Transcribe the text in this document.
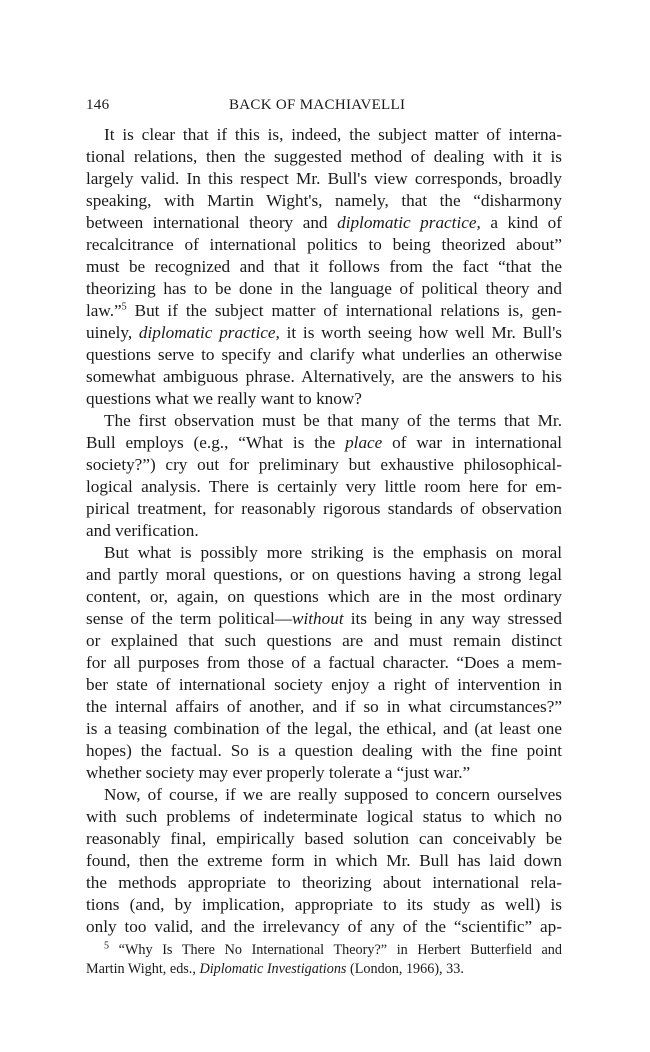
146	BACK OF MACHIAVELLI
It is clear that if this is, indeed, the subject matter of interna-
tional relations, then the suggested method of dealing with it is
largely valid. In this respect Mr. Bull's view corresponds, broadly
speaking, with Martin Wight's, namely, that the “disharmony
between international theory and diplomatic practice, a kind of
recalcitrance of international politics to being theorized about”
must be recognized and that it follows from the fact “that the
theorizing has to be done in the language of political theory and
law.”$^5$ But if the subject matter of international relations is, gen-
uinely, diplomatic practice, it is worth seeing how well Mr. Bull's
questions serve to specify and clarify what underlies an otherwise
somewhat ambiguous phrase. Alternatively, are the answers to his
questions what we really want to know?
The first observation must be that many of the terms that Mr.
Bull employs (e.g., “What is the place of war in international
society?”) cry out for preliminary but exhaustive philosophical-
logical analysis. There is certainly very little room here for em-
pirical treatment, for reasonably rigorous standards of observation
and verification.
But what is possibly more striking is the emphasis on moral
and partly moral questions, or on questions having a strong legal
content, or, again, on questions which are in the most ordinary
sense of the term political—without its being in any way stressed
or explained that such questions are and must remain distinct
for all purposes from those of a factual character. “Does a mem-
ber state of international society enjoy a right of intervention in
the internal affairs of another, and if so in what circumstances?”
is a teasing combination of the legal, the ethical, and (at least one
hopes) the factual. So is a question dealing with the fine point
whether society may ever properly tolerate a “just war.”
Now, of course, if we are really supposed to concern ourselves
with such problems of indeterminate logical status to which no
reasonably final, empirically based solution can conceivably be
found, then the extreme form in which Mr. Bull has laid down
the methods appropriate to theorizing about international rela-
tions (and, by implication, appropriate to its study as well) is
only too valid, and the irrelevancy of any of the “scientific” ap-
$^5$ “Why Is There No International Theory?” in Herbert Butterfield and
Martin Wight, eds., Diplomatic Investigations (London, 1966), 33.
